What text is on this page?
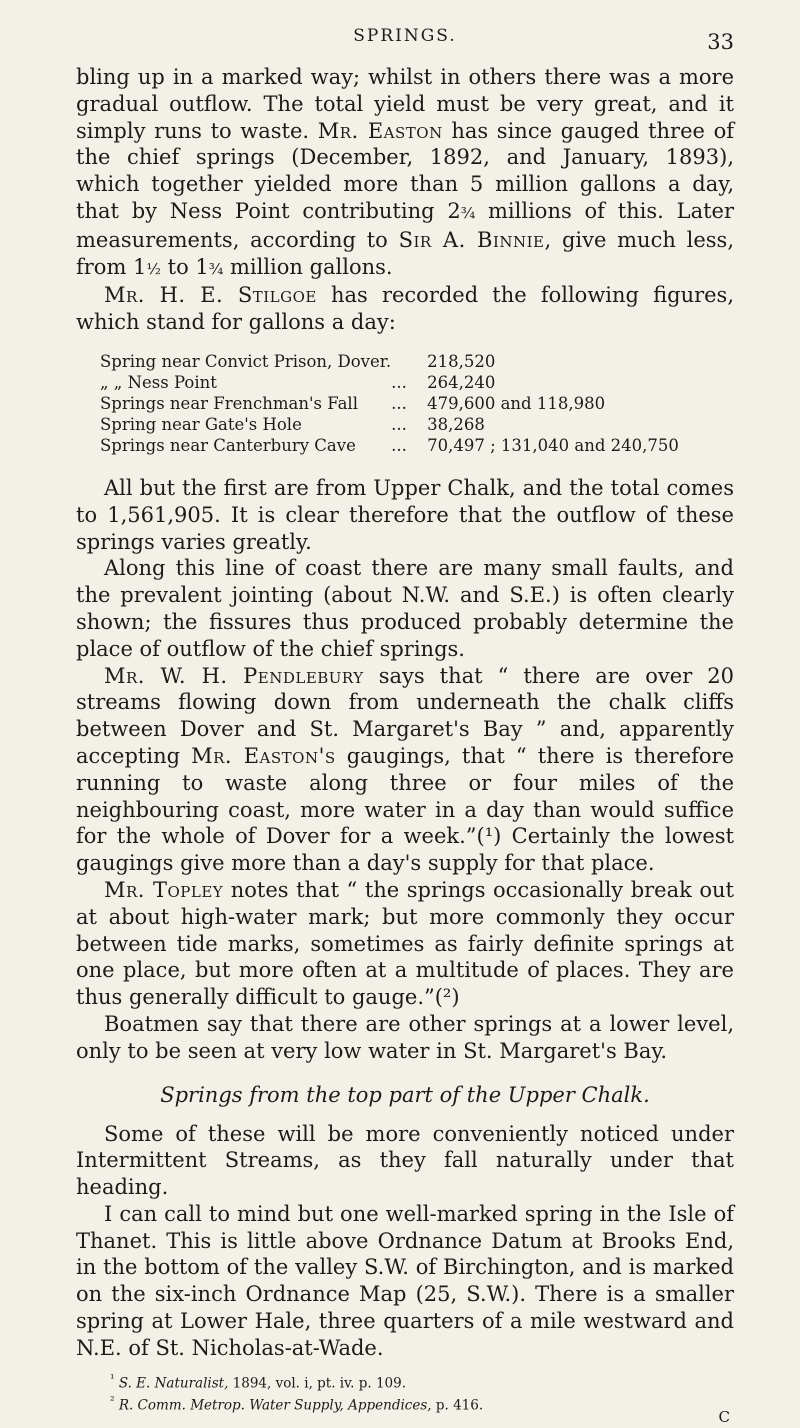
SPRINGS.	33

bling up in a marked way; whilst in others there was a more gradual outflow. The total yield must be very great, and it simply runs to waste. Mr. Easton has since gauged three of the chief springs (December, 1892, and January, 1893), which together yielded more than 5 million gallons a day, that by Ness Point contributing 2¾ millions of this. Later measurements, according to Sir A. Binnie, give much less, from 1½ to 1¾ million gallons.

Mr. H. E. Stilgoe has recorded the following figures, which stand for gallons a day:

Spring near Convict Prison, Dover.		218,520
„ „ Ness Point	...	264,240
Springs near Frenchman's Fall	...	479,600 and 118,980
Spring near Gate's Hole	...	38,268
Springs near Canterbury Cave	...	70,497 ; 131,040 and 240,750

All but the first are from Upper Chalk, and the total comes to 1,561,905. It is clear therefore that the outflow of these springs varies greatly.

Along this line of coast there are many small faults, and the prevalent jointing (about N.W. and S.E.) is often clearly shown; the fissures thus produced probably determine the place of outflow of the chief springs.

Mr. W. H. Pendlebury says that “ there are over 20 streams flowing down from underneath the chalk cliffs between Dover and St. Margaret's Bay ” and, apparently accepting Mr. Easton's gaugings, that “ there is therefore running to waste along three or four miles of the neighbouring coast, more water in a day than would suffice for the whole of Dover for a week.”(¹) Certainly the lowest gaugings give more than a day's supply for that place.

Mr. Topley notes that “ the springs occasionally break out at about high-water mark; but more commonly they occur between tide marks, sometimes as fairly definite springs at one place, but more often at a multitude of places. They are thus generally difficult to gauge.”(²)

Boatmen say that there are other springs at a lower level, only to be seen at very low water in St. Margaret's Bay.

Springs from the top part of the Upper Chalk.

Some of these will be more conveniently noticed under Intermittent Streams, as they fall naturally under that heading.

I can call to mind but one well-marked spring in the Isle of Thanet. This is little above Ordnance Datum at Brooks End, in the bottom of the valley S.W. of Birchington, and is marked on the six-inch Ordnance Map (25, S.W.). There is a smaller spring at Lower Hale, three quarters of a mile westward and N.E. of St. Nicholas-at-Wade.

$^{^1}$ S. E. Naturalist, 1894, vol. i, pt. iv. p. 109.
$^{^2}$ R. Comm. Metrop. Water Supply, Appendices, p. 416.
C
